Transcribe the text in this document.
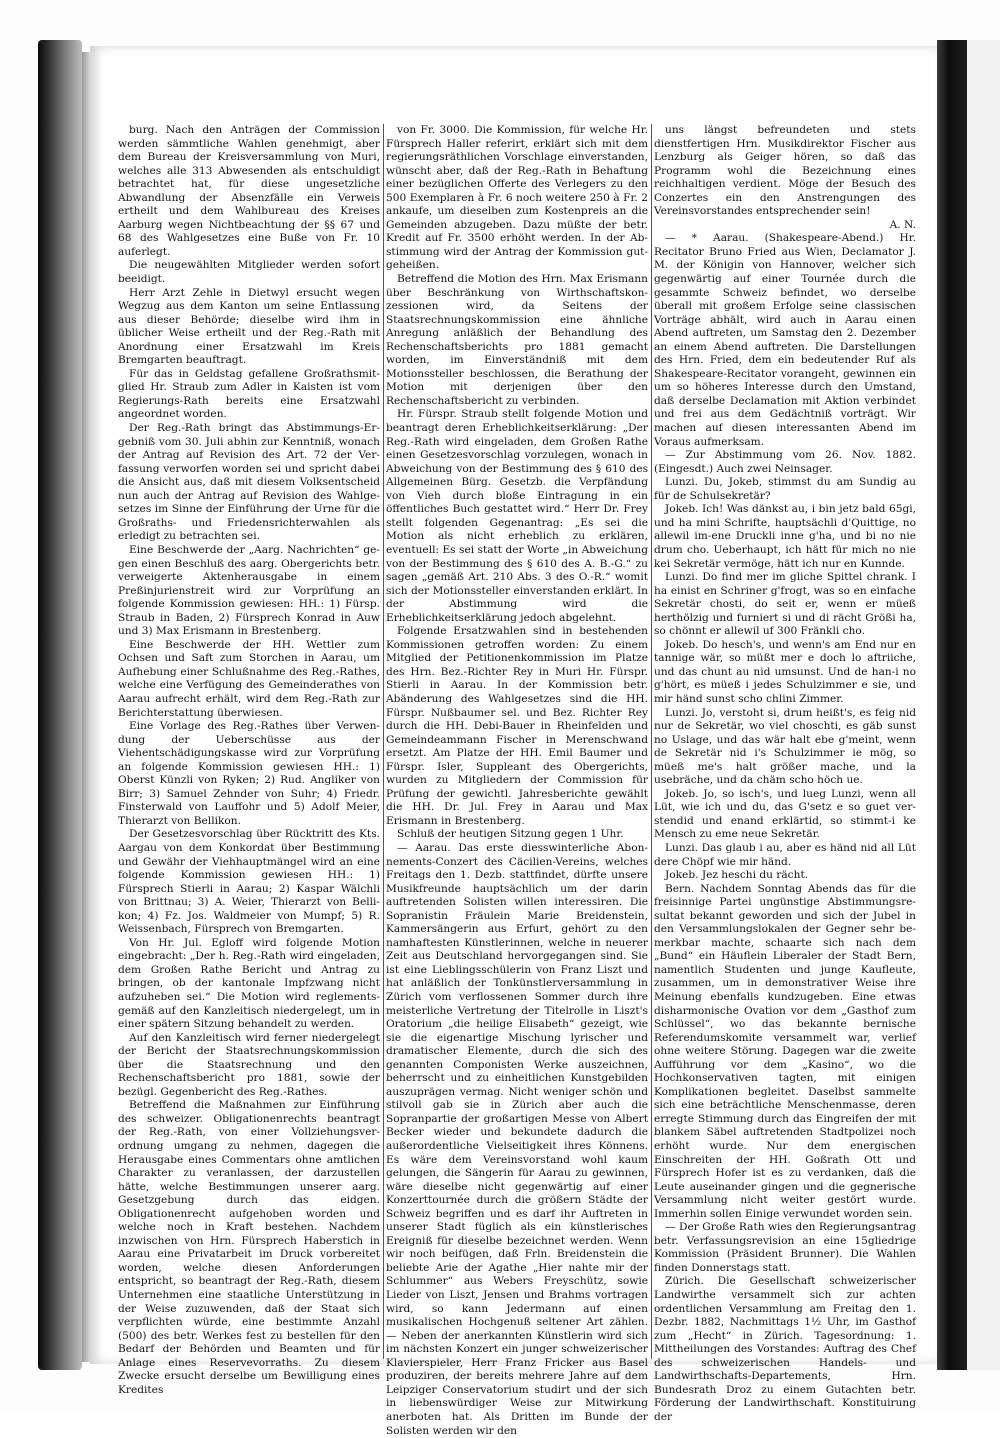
burg. Nach den Anträgen der Commission werden sämmtliche Wahlen genehmigt, aber dem Bureau der Kreisversammlung von Muri, welches alle 313 Abwesenden als entschuldigt betrachtet hat, für diese ungesetzliche Abwandlung der Absenzfälle ein Verweis ertheilt und dem Wahlbureau des Kreises Aarburg wegen Nichtbeachtung der §§ 67 und 68 des Wahlgesetzes eine Buße von Fr. 10 auferlegt.

Die neugewählten Mitglieder werden sofort beeidigt.

Herr Arzt Zehle in Dietwyl ersucht wegen Wegzug aus dem Kanton um seine Entlassung aus dieser Behörde; dieselbe wird ihm in üblicher Weise ertheilt und der Reg.-Rath mit Anordnung einer Ersatzwahl im Kreis Bremgarten beauftragt.

Für das in Geldstag gefallene Großrathsmitglied Hr. Straub zum Adler in Kaisten ist vom Regierungs-Rath bereits eine Ersatzwahl angeordnet worden.

Der Reg.-Rath bringt das Abstimmungs-Ergebniß vom 30. Juli abhin zur Kenntniß, wonach der Antrag auf Revision des Art. 72 der Verfassung verworfen worden sei und spricht dabei die Ansicht aus, daß mit diesem Volksentscheid nun auch der Antrag auf Revision des Wahlgesetzes im Sinne der Einführung der Urne für die Großraths- und Friedensrichterwahlen als erledigt zu betrachten sei.

Eine Beschwerde der „Aarg. Nachrichten“ gegen einen Beschluß des aarg. Obergerichts betr. verweigerte Aktenherausgabe in einem Preßinjurienstreit wird zur Vorprüfung an folgende Kommission gewiesen: HH.: 1) Fürsp. Straub in Baden, 2) Fürsprech Konrad in Auw und 3) Max Erismann in Brestenberg.

Eine Beschwerde der HH. Wettler zum Ochsen und Saft zum Storchen in Aarau, um Aufhebung einer Schlußnahme des Reg.-Rathes, welche eine Verfügung des Gemeinderathes von Aarau aufrecht erhält, wird dem Reg.-Rath zur Berichterstattung überwiesen.

Eine Vorlage des Reg.-Rathes über Verwendung der Ueberschüsse aus der Viehentschädigungskasse wird zur Vorprüfung an folgende Kommission gewiesen HH.: 1) Oberst Künzli von Ryken; 2) Rud. Angliker von Birr; 3) Samuel Zehnder von Suhr; 4) Friedr. Finsterwald von Lauffohr und 5) Adolf Meier, Thierarzt von Bellikon.

Der Gesetzesvorschlag über Rücktritt des Kts. Aargau von dem Konkordat über Bestimmung und Gewähr der Viehhauptmängel wird an eine folgende Kommission gewiesen HH.: 1) Fürsprech Stierli in Aarau; 2) Kaspar Wälchli von Brittnau; 3) A. Weier, Thierarzt von Bellikon; 4) Fz. Jos. Waldmeier von Mumpf; 5) R. Weissenbach, Fürsprech von Bremgarten.

Von Hr. Jul. Egloff wird folgende Motion eingebracht: „Der h. Reg.-Rath wird eingeladen, dem Großen Rathe Bericht und Antrag zu bringen, ob der kantonale Impfzwang nicht aufzuheben sei.“ Die Motion wird reglementsgemäß auf den Kanzleitisch niedergelegt, um in einer spätern Sitzung behandelt zu werden.

Auf den Kanzleitisch wird ferner niedergelegt der Bericht der Staatsrechnungskommission über die Staatsrechnung und den Rechenschaftsbericht pro 1881, sowie der bezügl. Gegenbericht des Reg.-Rathes.

Betreffend die Maßnahmen zur Einführung des schweizer. Obligationenrechts beantragt der Reg.-Rath, von einer Vollziehungsverordnung umgang zu nehmen, dagegen die Herausgabe eines Commentars ohne amtlichen Charakter zu veranlassen, der darzustellen hätte, welche Bestimmungen unserer aarg. Gesetzgebung durch das eidgen. Obligationenrecht aufgehoben worden und welche noch in Kraft bestehen. Nachdem inzwischen von Hrn. Fürsprech Haberstich in Aarau eine Privatarbeit im Druck vorbereitet worden, welche diesen Anforderungen entspricht, so beantragt der Reg.-Rath, diesem Unternehmen eine staatliche Unterstützung in der Weise zuzuwenden, daß der Staat sich verpflichten würde, eine bestimmte Anzahl (500) des betr. Werkes fest zu bestellen für den Bedarf der Behörden und Beamten und für Anlage eines Reservevorraths. Zu diesem Zwecke ersucht derselbe um Bewilligung eines Kredites

von Fr. 3000. Die Kommission, für welche Hr. Fürsprech Haller referirt, erklärt sich mit dem regierungsräthlichen Vorschlage einverstanden, wünscht aber, daß der Reg.-Rath in Behaftung einer bezüglichen Offerte des Verlegers zu den 500 Exemplaren à Fr. 6 noch weitere 250 à Fr. 2 ankaufe, um dieselben zum Kostenpreis an die Gemeinden abzugeben. Dazu müßte der betr. Kredit auf Fr. 3500 erhöht werden. In der Abstimmung wird der Antrag der Kommission gutgeheißen.

Betreffend die Motion des Hrn. Max Erismann über Beschränkung von Wirthschaftskonzessionen wird, da Seitens der Staatsrechnungskommission eine ähnliche Anregung anläßlich der Behandlung des Rechenschaftsberichts pro 1881 gemacht worden, im Einverständniß mit dem Motionssteller beschlossen, die Berathung der Motion mit derjenigen über den Rechenschaftsbericht zu verbinden.

Hr. Fürspr. Straub stellt folgende Motion und beantragt deren Erheblichkeitserklärung: „Der Reg.-Rath wird eingeladen, dem Großen Rathe einen Gesetzesvorschlag vorzulegen, wonach in Abweichung von der Bestimmung des § 610 des Allgemeinen Bürg. Gesetzb. die Verpfändung von Vieh durch bloße Eintragung in ein öffentliches Buch gestattet wird.“ Herr Dr. Frey stellt folgenden Gegenantrag: „Es sei die Motion als nicht erheblich zu erklären, eventuell: Es sei statt der Worte „in Abweichung von der Bestimmung des § 610 des A. B.-G.“ zu sagen „gemäß Art. 210 Abs. 3 des O.-R.“ womit sich der Motionssteller einverstanden erklärt. In der Abstimmung wird die Erheblichkeitserklärung jedoch abgelehnt.

Folgende Ersatzwahlen sind in bestehenden Kommissionen getroffen worden: Zu einem Mitglied der Petitionenkommission im Platze des Hrn. Bez.-Richter Rey in Muri Hr. Fürspr. Stierli in Aarau. In der Kommission betr. Abänderung des Wahlgesetzes sind die HH. Fürspr. Nußbaumer sel. und Bez. Richter Rey durch die HH. Debi-Bauer in Rheinfelden und Gemeindeammann Fischer in Merenschwand ersetzt. Am Platze der HH. Emil Baumer und Fürspr. Isler, Suppleant des Obergerichts, wurden zu Mitgliedern der Commission für Prüfung der gewichtl. Jahresberichte gewählt die HH. Dr. Jul. Frey in Aarau und Max Erismann in Brestenberg.

Schluß der heutigen Sitzung gegen 1 Uhr.

— Aarau. Das erste diesswinterliche Abonnements-Conzert des Cäcilien-Vereins, welches Freitags den 1. Dezb. stattfindet, dürfte unsere Musikfreunde hauptsächlich um der darin auftretenden Solisten willen interessiren. Die Sopranistin Fräulein Marie Breidenstein, Kammersängerin aus Erfurt, gehört zu den namhaftesten Künstlerinnen, welche in neuerer Zeit aus Deutschland hervorgegangen sind. Sie ist eine Lieblingsschülerin von Franz Liszt und hat anläßlich der Tonkünstlerversammlung in Zürich vom verflossenen Sommer durch ihre meisterliche Vertretung der Titelrolle in Liszt's Oratorium „die heilige Elisabeth“ gezeigt, wie sie die eigenartige Mischung lyrischer und dramatischer Elemente, durch die sich des genannten Componisten Werke auszeichnen, beherrscht und zu einheitlichen Kunstgebilden auszuprägen vermag. Nicht weniger schön und stilvoll gab sie in Zürich aber auch die Sopranpartie der großartigen Messe von Albert Becker wieder und bekundete dadurch die außerordentliche Vielseitigkeit ihres Könnens. Es wäre dem Vereinsvorstand wohl kaum gelungen, die Sängerin für Aarau zu gewinnen, wäre dieselbe nicht gegenwärtig auf einer Konzerttournée durch die größern Städte der Schweiz begriffen und es darf ihr Auftreten in unserer Stadt füglich als ein künstlerisches Ereigniß für dieselbe bezeichnet werden. Wenn wir noch beifügen, daß Frln. Breidenstein die beliebte Arie der Agathe „Hier nahte mir der Schlummer“ aus Webers Freyschütz, sowie Lieder von Liszt, Jensen und Brahms vortragen wird, so kann Jedermann auf einen musikalischen Hochgenuß seltener Art zählen. — Neben der anerkannten Künstlerin wird sich im nächsten Konzert ein junger schweizerischer Klavierspieler, Herr Franz Fricker aus Basel produziren, der bereits mehrere Jahre auf dem Leipziger Conservatorium studirt und der sich in liebenswürdiger Weise zur Mitwirkung anerboten hat. Als Dritten im Bunde der Solisten werden wir den

uns längst befreundeten und stets dienstfertigen Hrn. Musikdirektor Fischer aus Lenzburg als Geiger hören, so daß das Programm wohl die Bezeichnung eines reichhaltigen verdient. Möge der Besuch des Conzertes ein den Anstrengungen des Vereinsvorstandes entsprechender sein!

A. N.

— * Aarau. (Shakespeare-Abend.) Hr. Recitator Bruno Fried aus Wien, Declamator J. M. der Königin von Hannover, welcher sich gegenwärtig auf einer Tournée durch die gesammte Schweiz befindet, wo derselbe überall mit großem Erfolge seine classischen Vorträge abhält, wird auch in Aarau einen Abend auftreten, um Samstag den 2. Dezember an einem Abend auftreten. Die Darstellungen des Hrn. Fried, dem ein bedeutender Ruf als Shakespeare-Recitator vorangeht, gewinnen ein um so höheres Interesse durch den Umstand, daß derselbe Declamation mit Aktion verbindet und frei aus dem Gedächtniß vorträgt. Wir machen auf diesen interessanten Abend im Voraus aufmerksam.

— Zur Abstimmung vom 26. Nov. 1882. (Eingesdt.) Auch zwei Neinsager.

Lunzi. Du, Jokeb, stimmst du am Sundig au für de Schulsekretär?

Jokeb. Ich! Was dänkst au, i bin jetz bald 65gi, und ha mini Schrifte, hauptsächli d'Quittige, no allewil im-ene Druckli inne g'ha, und bi no nie drum cho. Ueberhaupt, ich hätt für mich no nie kei Sekretär vermöge, hätt ich nur en Kunnde.

Lunzi. Do find mer im gliche Spittel chrank. I ha einist en Schriner g'frogt, was so en einfache Sekretär chosti, do seit er, wenn er müeß herthölzig und furniert si und di rächt Größi ha, so chönnt er allewil uf 300 Fränkli cho.

Jokeb. Do hesch's, und wenn's am End nur en tannige wär, so müßt mer e doch lo aftriiche, und das chunt au nid umsunst. Und de han-i no g'hört, es müeß i jedes Schulzimmer e sie, und mir händ sunst scho chlini Zimmer.

Lunzi. Jo, verstoht si, drum heißt's, es feig nid nur de Sekretär, wo viel choschti, es gäb sunst no Uslage, und das wär halt ebe g'meint, wenn de Sekretär nid i's Schulzimmer ie mög, so müeß me's halt größer mache, und la usebräche, und da chäm scho höch ue.

Jokeb. Jo, so isch's, und lueg Lunzi, wenn all Lüt, wie ich und du, das G'setz e so guet verstendid und enand erklärtid, so stimmt-i ke Mensch zu eme neue Sekretär.

Lunzi. Das glaub i au, aber es händ nid all Lüt dere Chöpf wie mir händ.

Jokeb. Jez heschi du rächt.

Bern. Nachdem Sonntag Abends das für die freisinnige Partei ungünstige Abstimmungsresultat bekannt geworden und sich der Jubel in den Versammlungslokalen der Gegner sehr bemerkbar machte, schaarte sich nach dem „Bund“ ein Häuflein Liberaler der Stadt Bern, namentlich Studenten und junge Kaufleute, zusammen, um in demonstrativer Weise ihre Meinung ebenfalls kundzugeben. Eine etwas disharmonische Ovation vor dem „Gasthof zum Schlüssel“, wo das bekannte bernische Referendumskomite versammelt war, verlief ohne weitere Störung. Dagegen war die zweite Aufführung vor dem „Kasino“, wo die Hochkonservativen tagten, mit einigen Komplikationen begleitet. Daselbst sammelte sich eine beträchtliche Menschenmasse, deren erregte Stimmung durch das Eingreifen der mit blankem Säbel auftretenden Stadtpolizei noch erhöht wurde. Nur dem energischen Einschreiten der HH. Goßrath Ott und Fürsprech Hofer ist es zu verdanken, daß die Leute auseinander gingen und die gegnerische Versammlung nicht weiter gestört wurde. Immerhin sollen Einige verwundet worden sein.

— Der Große Rath wies den Regierungsantrag betr. Verfassungsrevision an eine 15gliedrige Kommission (Präsident Brunner). Die Wahlen finden Donnerstags statt.

Zürich. Die Gesellschaft schweizerischer Landwirthe versammelt sich zur achten ordentlichen Versammlung am Freitag den 1. Dezbr. 1882, Nachmittags 1½ Uhr, im Gasthof zum „Hecht“ in Zürich. Tagesordnung: 1. Mittheilungen des Vorstandes: Auftrag des Chef des schweizerischen Handels- und Landwirthschafts-Departements, Hrn. Bundesrath Droz zu einem Gutachten betr. Förderung der Landwirthschaft. Konstituirung der
